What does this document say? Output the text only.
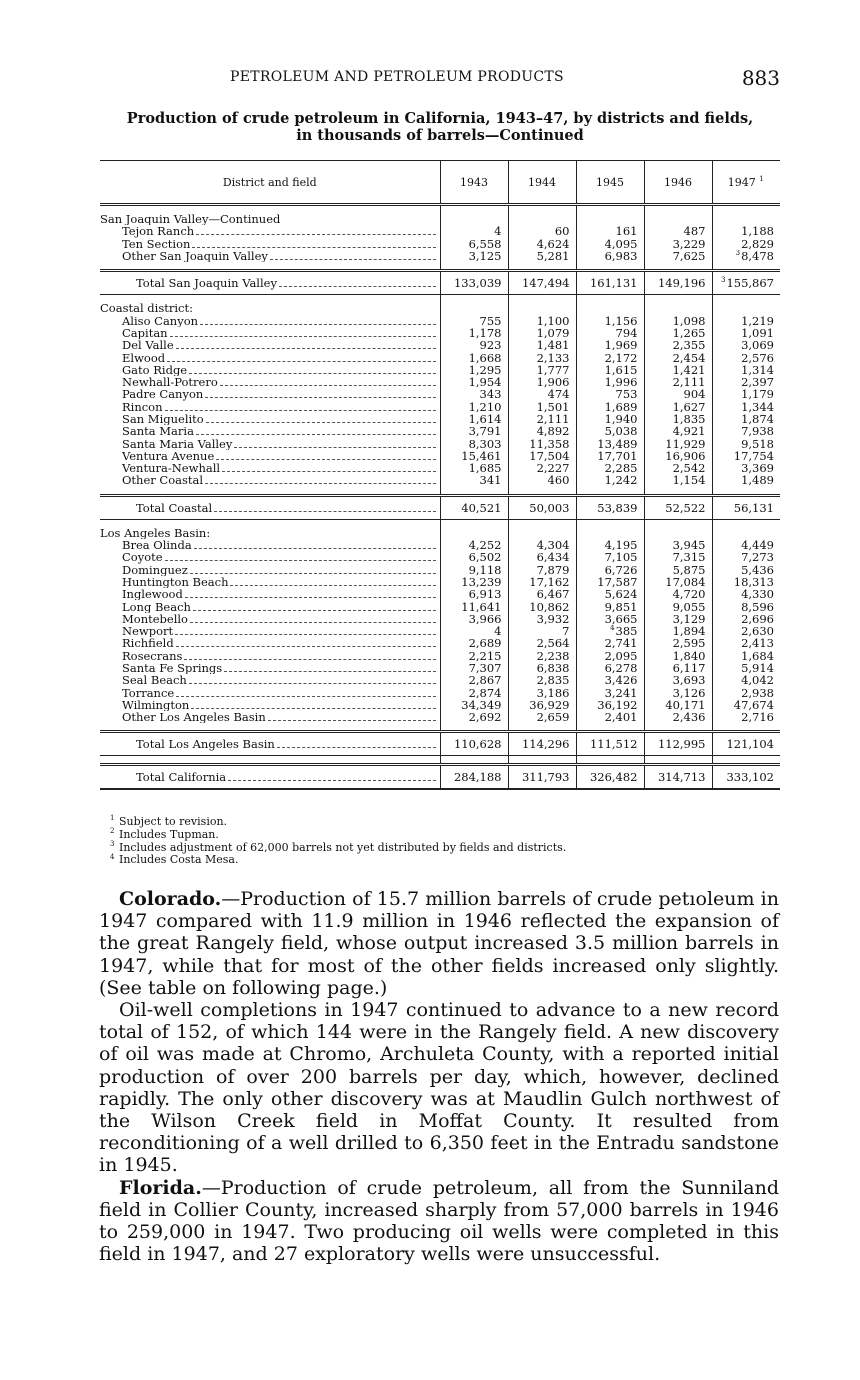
PETROLEUM AND PETROLEUM PRODUCTS	883
Production of crude petroleum in California, 1943–47, by districts and fields,
in thousands of barrels—Continued
District and field	1943	1944	1945	1946	1947 $^1$

San Joaquin Valley—Continued					

Tejon Ranch	4	60	161	487	1,188

Ten Section	6,558	4,624	4,095	3,229	2,829

Other San Joaquin Valley	3,125	5,281	6,983	7,625	$^3$8,478

Total San Joaquin Valley	133,039	147,494	161,131	149,196	$^3$155,867

Coastal district:					

Aliso Canyon	755	1,100	1,156	1,098	1,219

Capitan	1,178	1,079	794	1,265	1,091

Del Valle	923	1,481	1,969	2,355	3,069

Elwood	1,668	2,133	2,172	2,454	2,576

Gato Ridge	1,295	1,777	1,615	1,421	1,314

Newhall-Potrero	1,954	1,906	1,996	2,111	2,397

Padre Canyon	343	474	753	904	1,179

Rincon	1,210	1,501	1,689	1,627	1,344

San Miguelito	1,614	2,111	1,940	1,835	1,874

Santa Maria	3,791	4,892	5,038	4,921	7,938

Santa Maria Valley	8,303	11,358	13,489	11,929	9,518

Ventura Avenue	15,461	17,504	17,701	16,906	17,754

Ventura-Newhall	1,685	2,227	2,285	2,542	3,369

Other Coastal	341	460	1,242	1,154	1,489

Total Coastal	40,521	50,003	53,839	52,522	56,131

Los Angeles Basin:					

Brea Olinda	4,252	4,304	4,195	3,945	4,449

Coyote	6,502	6,434	7,105	7,315	7,273

Dominguez	9,118	7,879	6,726	5,875	5,436

Huntington Beach	13,239	17,162	17,587	17,084	18,313

Inglewood	6,913	6,467	5,624	4,720	4,330

Long Beach	11,641	10,862	9,851	9,055	8,596

Montebello	3,966	3,932	3,665	3,129	2,696

Newport	4	7	$^4$385	1,894	2,630

Richfield	2,689	2,564	2,741	2,595	2,413

Rosecrans	2,215	2,238	2,095	1,840	1,684

Santa Fe Springs	7,307	6,838	6,278	6,117	5,914

Seal Beach	2,867	2,835	3,426	3,693	4,042

Torrance	2,874	3,186	3,241	3,126	2,938

Wilmington	34,349	36,929	36,192	40,171	47,674

Other Los Angeles Basin	2,692	2,659	2,401	2,436	2,716

Total Los Angeles Basin	110,628	114,296	111,512	112,995	121,104

Total California	284,188	311,793	326,482	314,713	333,102
$^1$ Subject to revision.
$^2$ Includes Tupman.
$^3$ Includes adjustment of 62,000 barrels not yet distributed by fields and districts.
$^4$ Includes Costa Mesa.

Colorado.—Production of 15.7 million barrels of crude petıoleum in 1947 compared with 11.9 million in 1946 reflected the expansion of the great Rangely field, whose output increased 3.5 million barrels in 1947, while that for most of the other fields increased only slightly. (See table on following page.)

Oil-well completions in 1947 continued to advance to a new record total of 152, of which 144 were in the Rangely field. A new discovery of oil was made at Chromo, Archuleta County, with a reported initial production of over 200 barrels per day, which, however, declined rapidly. The only other discovery was at Maudlin Gulch northwest of the Wilson Creek field in Moffat County. It resulted from reconditioning of a well drilled to 6,350 feet in the Entradu sandstone in 1945.

Florida.—Production of crude petroleum, all from the Sunniland field in Collier County, increased sharply from 57,000 barrels in 1946 to 259,000 in 1947. Two producing oil wells were completed in this field in 1947, and 27 exploratory wells were unsuccessful.
